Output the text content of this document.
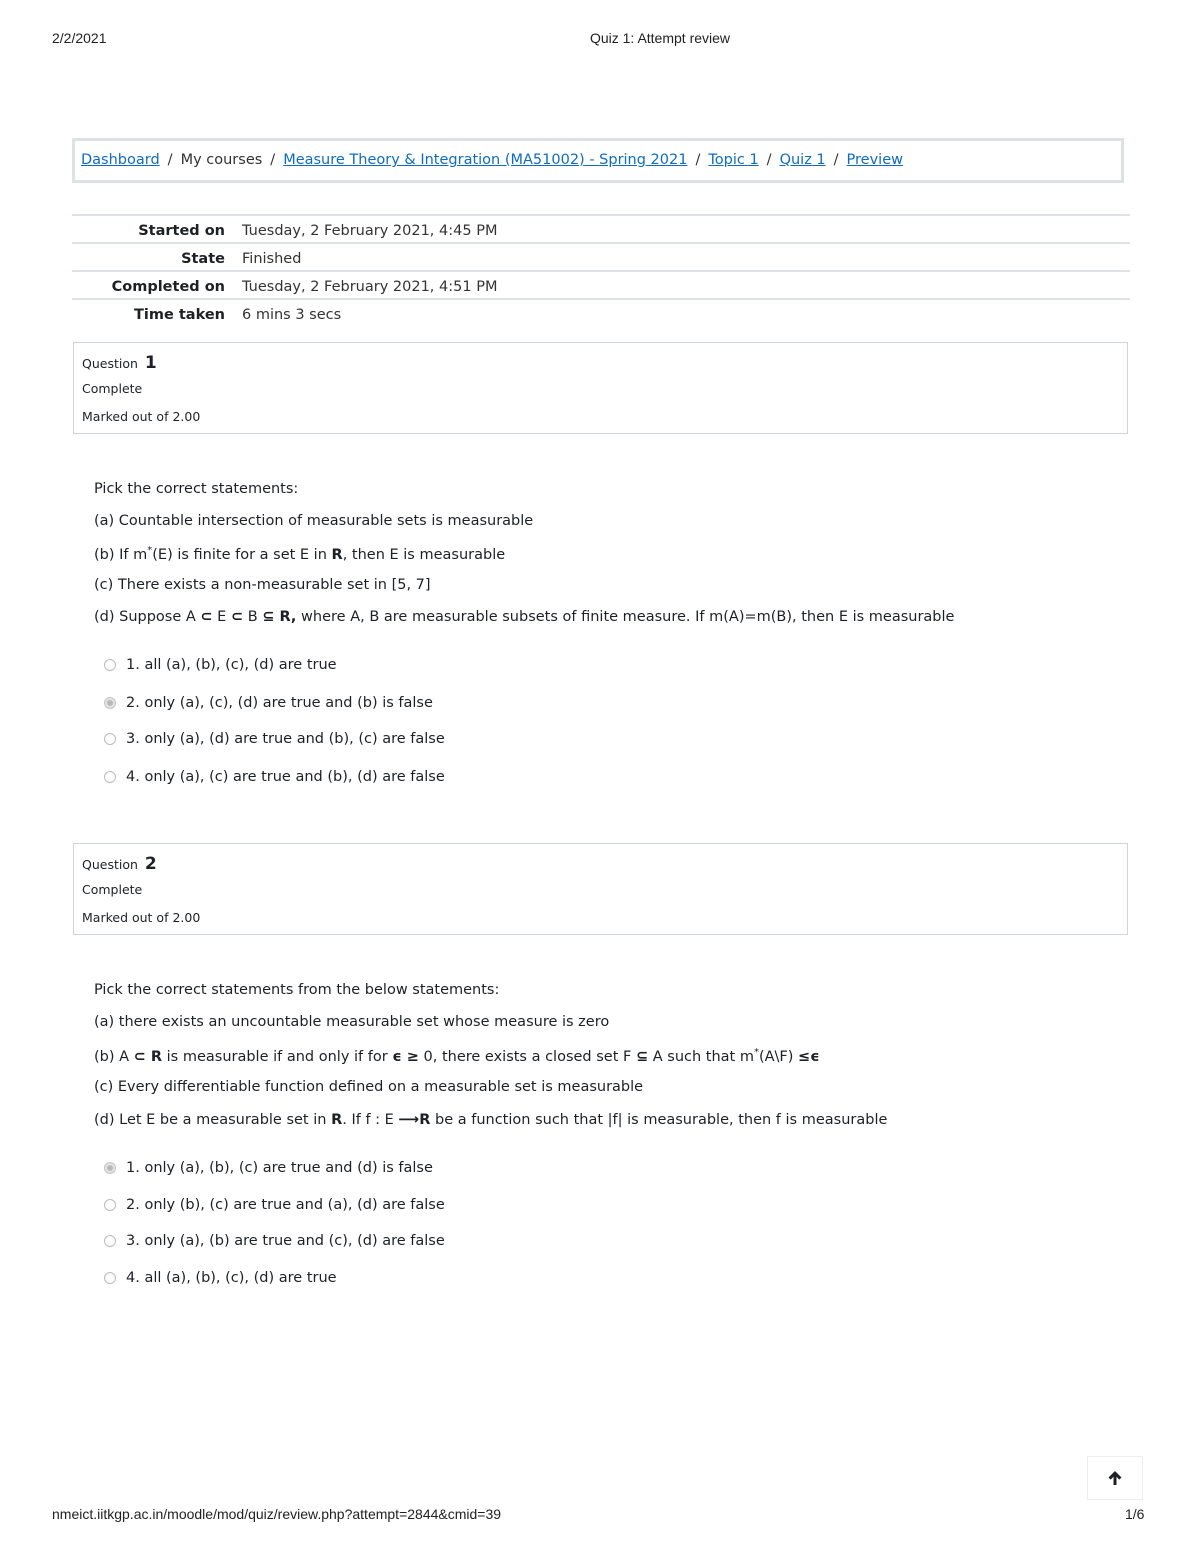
2/2/2021	Quiz 1: Attempt review
Dashboard / My courses / Measure Theory & Integration (MA51002) - Spring 2021 / Topic 1 / Quiz 1 / Preview
Started on	Tuesday, 2 February 2021, 4:45 PM
State	Finished
Completed on	Tuesday, 2 February 2021, 4:51 PM
Time taken	6 mins 3 secs
Question 1
Complete
Marked out of 2.00
Pick the correct statements:
(a) Countable intersection of measurable sets is measurable
(b) If m*(E) is finite for a set E in R, then E is measurable
(c) There exists a non-measurable set in [5, 7]
(d) Suppose A ⊂ E ⊂ B ⊆ R, where A, B are measurable subsets of finite measure. If m(A)=m(B), then E is measurable
1. all (a), (b), (c), (d) are true
2. only (a), (c), (d) are true and (b) is false
3. only (a), (d) are true and (b), (c) are false
4. only (a), (c) are true and (b), (d) are false
Question 2
Complete
Marked out of 2.00
Pick the correct statements from the below statements:
(a) there exists an uncountable measurable set whose measure is zero
(b) A ⊂ R is measurable if and only if for ϵ ≥ 0, there exists a closed set F ⊆ A such that m*(A\F) ≤ϵ
(c) Every differentiable function defined on a measurable set is measurable
(d) Let E be a measurable set in R. If f : E ⟶R be a function such that |f| is measurable, then f is measurable
1. only (a), (b), (c) are true and (d) is false
2. only (b), (c) are true and (a), (d) are false
3. only (a), (b) are true and (c), (d) are false
4. all (a), (b), (c), (d) are true
nmeict.iitkgp.ac.in/moodle/mod/quiz/review.php?attempt=2844&cmid=39	1/6
